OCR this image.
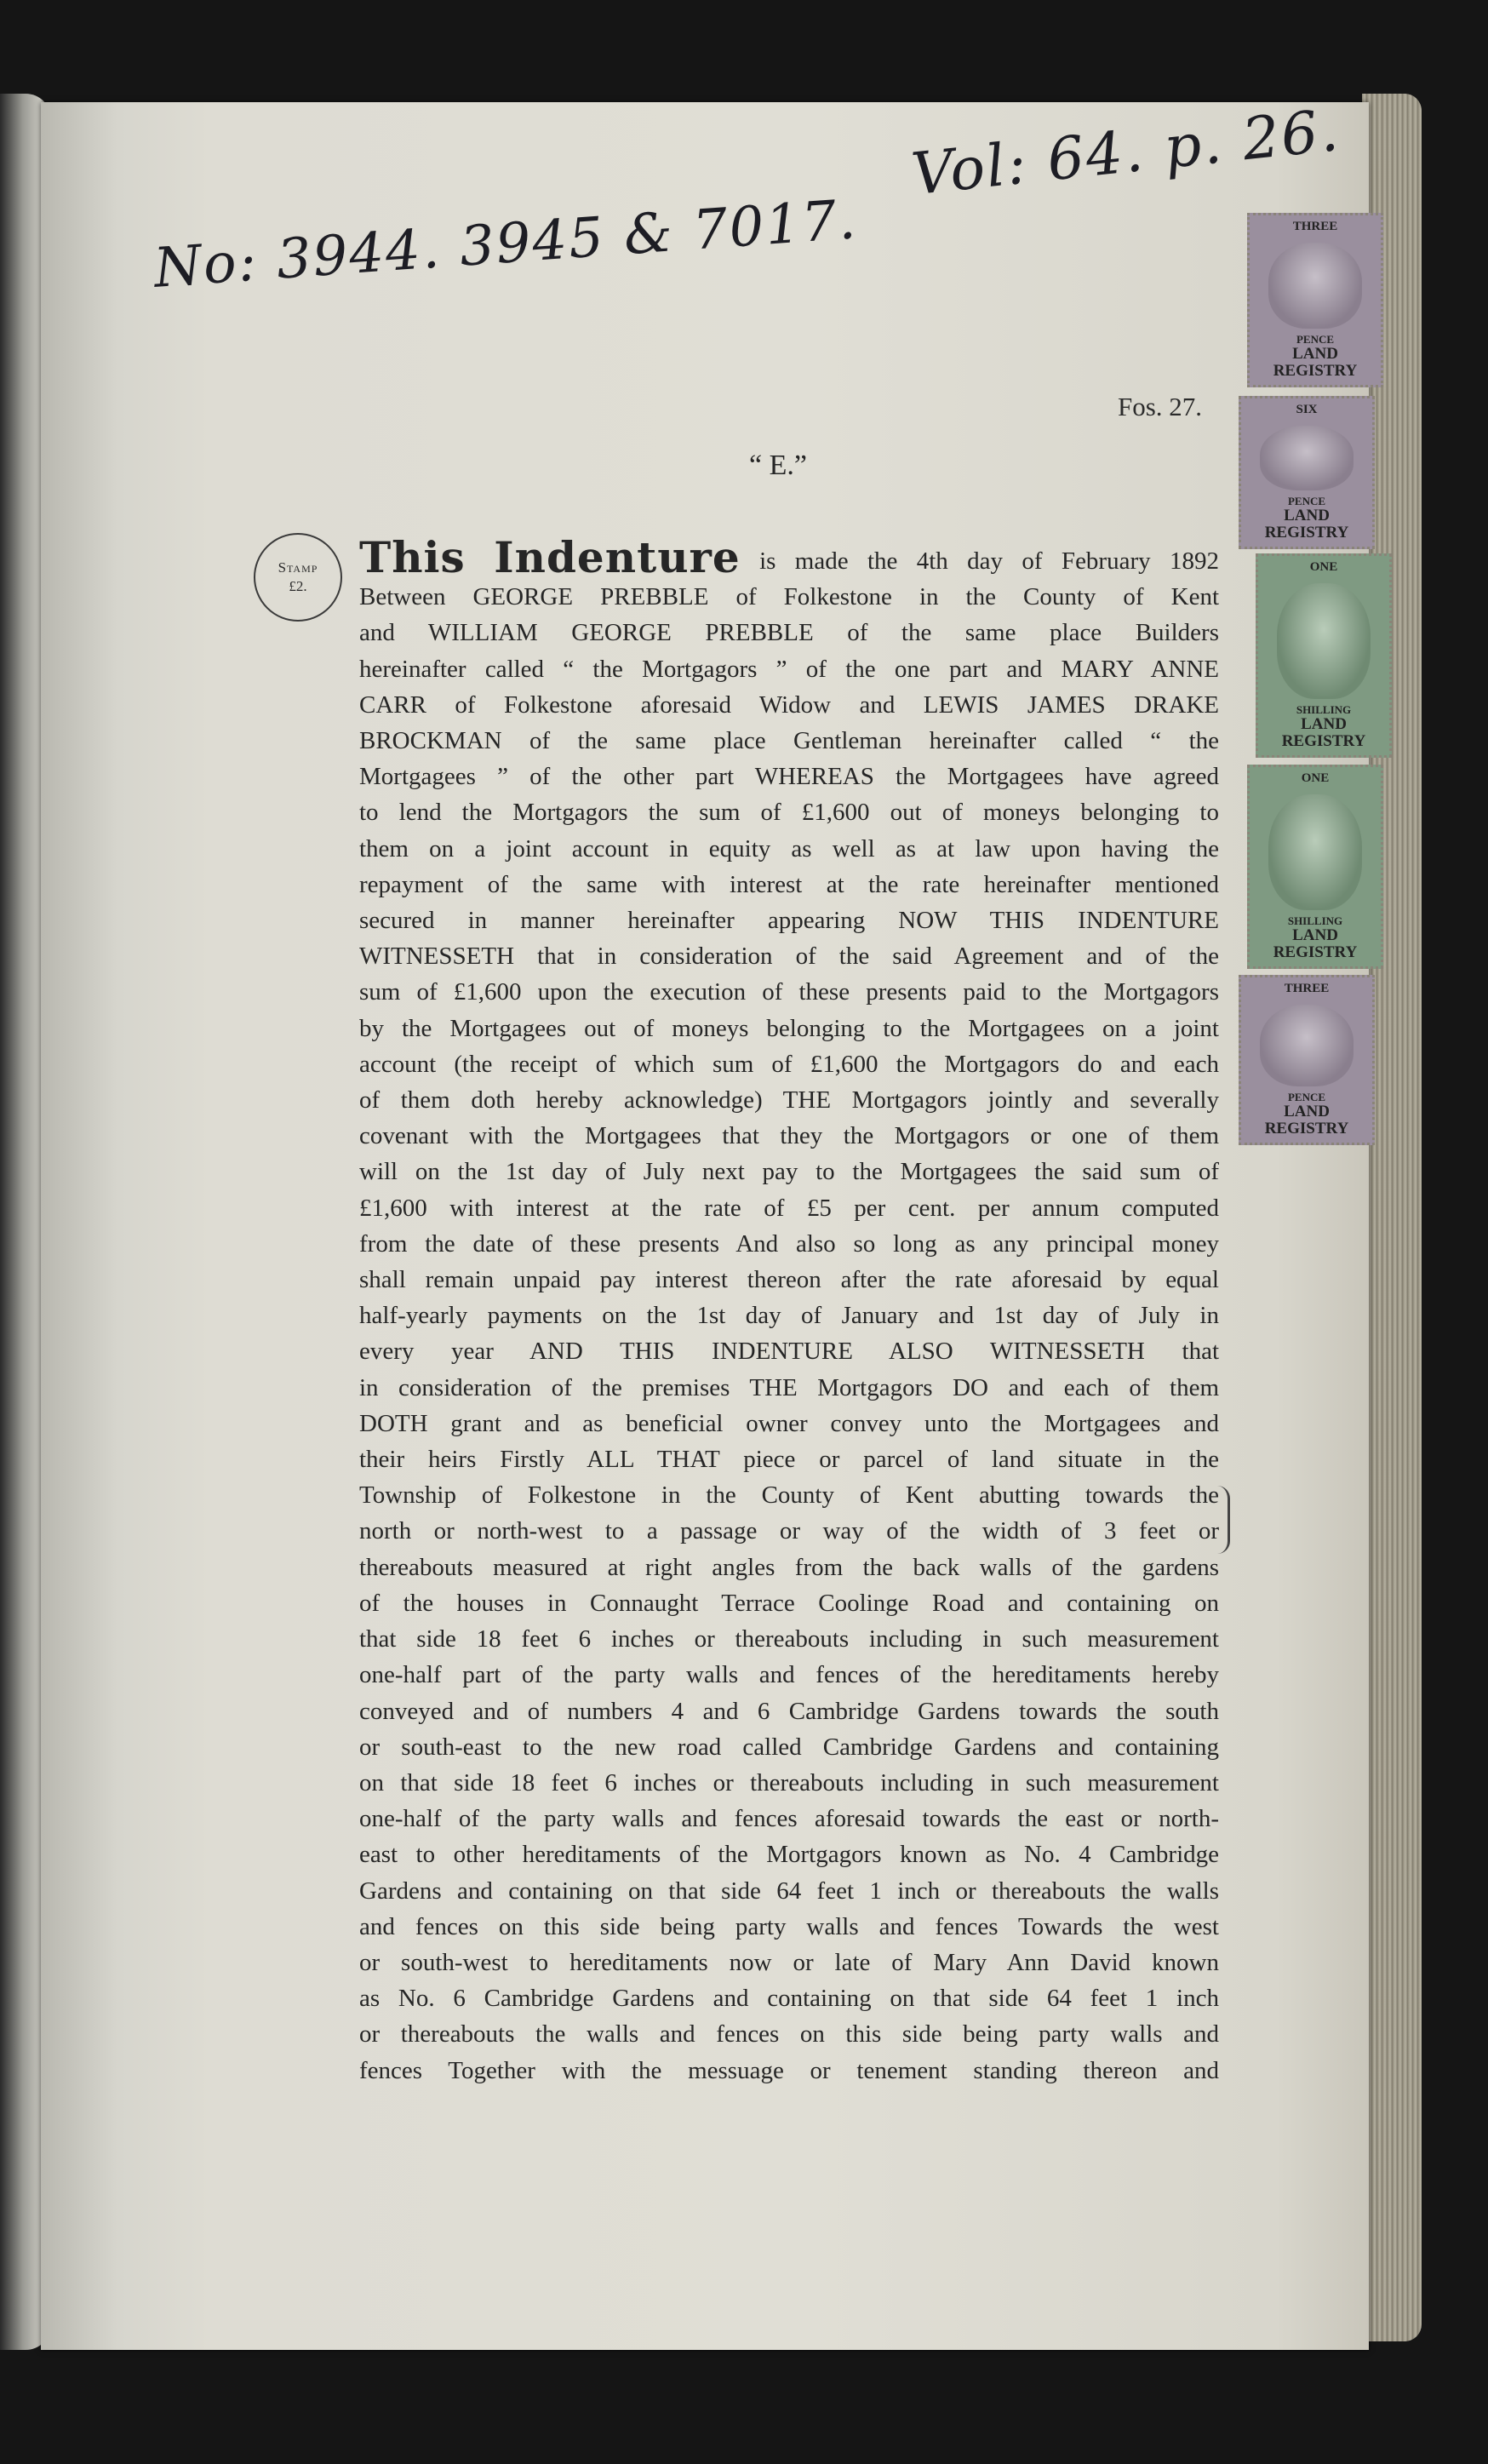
Vol: 64. p. 26.
No: 3944. 3945 & 7017.
Fos. 27.
“ E.”
Stamp
£2.
This Indenture is made the 4th day of February 1892
Between GEORGE PREBBLE of Folkestone in the County of Kent
and WILLIAM GEORGE PREBBLE of the same place Builders
hereinafter called “ the Mortgagors ” of the one part and MARY ANNE
CARR of Folkestone aforesaid Widow and LEWIS JAMES DRAKE
BROCKMAN of the same place Gentleman hereinafter called “ the
Mortgagees ” of the other part WHEREAS the Mortgagees have agreed
to lend the Mortgagors the sum of £1,600 out of moneys belonging to
them on a joint account in equity as well as at law upon having the
repayment of the same with interest at the rate hereinafter mentioned
secured in manner hereinafter appearing NOW THIS INDENTURE
WITNESSETH that in consideration of the said Agreement and of the
sum of £1,600 upon the execution of these presents paid to the Mortgagors
by the Mortgagees out of moneys belonging to the Mortgagees on a joint
account (the receipt of which sum of £1,600 the Mortgagors do and each
of them doth hereby acknowledge) THE Mortgagors jointly and severally
covenant with the Mortgagees that they the Mortgagors or one of them
will on the 1st day of July next pay to the Mortgagees the said sum of
£1,600 with interest at the rate of £5 per cent. per annum computed
from the date of these presents And also so long as any principal money
shall remain unpaid pay interest thereon after the rate aforesaid by equal
half-yearly payments on the 1st day of January and 1st day of July in
every year AND THIS INDENTURE ALSO WITNESSETH that
in consideration of the premises THE Mortgagors DO and each of them
DOTH grant and as beneficial owner convey unto the Mortgagees and
their heirs Firstly ALL THAT piece or parcel of land situate in the
Township of Folkestone in the County of Kent abutting towards the
north or north-west to a passage or way of the width of 3 feet or
thereabouts measured at right angles from the back walls of the gardens
of the houses in Connaught Terrace Coolinge Road and containing on
that side 18 feet 6 inches or thereabouts including in such measurement
one-half part of the party walls and fences of the hereditaments hereby
conveyed and of numbers 4 and 6 Cambridge Gardens towards the south
or south-east to the new road called Cambridge Gardens and containing
on that side 18 feet 6 inches or thereabouts including in such measurement
one-half of the party walls and fences aforesaid towards the east or north-
east to other hereditaments of the Mortgagors known as No. 4 Cambridge
Gardens and containing on that side 64 feet 1 inch or thereabouts the walls
and fences on this side being party walls and fences Towards the west
or south-west to hereditaments now or late of Mary Ann David known
as No. 6 Cambridge Gardens and containing on that side 64 feet 1 inch
or thereabouts the walls and fences on this side being party walls and
fences Together with the messuage or tenement standing thereon and
THREE
PENCE
LAND
REGISTRY
SIX
PENCE
LAND
REGISTRY
ONE
SHILLING
LAND
REGISTRY
ONE
SHILLING
LAND
REGISTRY
THREE
PENCE
LAND
REGISTRY
